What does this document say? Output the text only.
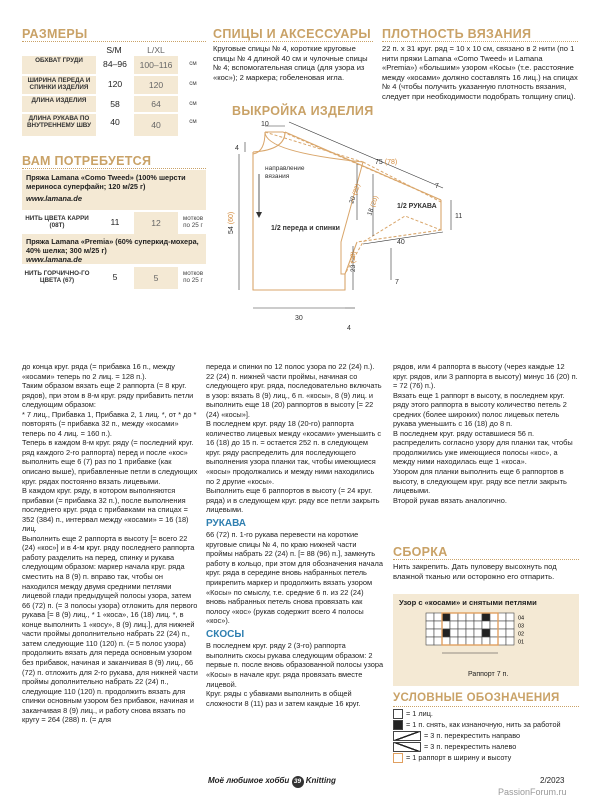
РАЗМЕРЫ
S/M	L/XL
ОБХВАТ ГРУДИ	84–96	100–116	см
ШИРИНА ПЕРЕДА И СПИНКИ ИЗДЕЛИЯ	120	120	см
ДЛИНА ИЗДЕЛИЯ	58	64	см
ДЛИНА РУКАВА ПО ВНУТРЕННЕМУ ШВУ	40	40	см
ВАМ ПОТРЕБУЕТСЯ
Пряжа Lamana «Como Tweed» (100% шерсти мериноса суперфайн; 120 м/25 г)
www.lamana.de
НИТЬ ЦВЕТА КАРРИ (08Т)	11	12	мотков по 25 г
Пряжа Lamana «Premia» (60% суперкид-мохера, 40% шелка; 300 м/25 г)
www.lamana.de
НИТЬ ГОРЧИЧНО-ГО ЦВЕТА (67)	5	5	мотков по 25 г
СПИЦЫ И АКСЕССУАРЫ
Круговые спицы № 4, короткие круговые спицы № 4 длиной 40 см и чулочные спицы № 4; вспомогательная спица (для узора из «кос»); 2 маркера; гобеленовая игла.
ПЛОТНОСТЬ ВЯЗАНИЯ
22 п. х 31 круг. ряд = 10 х 10 см, связано в 2 нити (по 1 нити пряжи Lamana «Como Tweed» и Lamana «Premia») «большим» узором «Косы» (т.е. расстояние между «косами» должно составлять 16 лиц.) на спицах № 4 (чтобы получить указанную плотность вязания, следует при необходимости подобрать толщину спиц).
ВЫКРОЙКА ИЗДЕЛИЯ
10
4
направление
вязания
75 (78)
20 (22)
18 (20)
54 (60)
1/2 переда и спинки
1/2 РУКАВА
40
11
7
23 (28)
7
30
4

до конца круг. ряда (= прибавка 16 п., между «косами» теперь по 2 лиц. = 128 п.).

Таким образом вязать еще 2 раппорта (= 8 круг. рядов), при этом в 8-м круг. ряду прибавить петли следующим образом:

* 7 лиц., Прибавка 1, Прибавка 2, 1 лиц. *, от * до * повторять (= прибавка 32 п., между «косами» теперь по 4 лиц. = 160 п.).

Теперь в каждом 8-м круг. ряду (= последний круг. ряд каждого 2-го раппорта) перед и после «кос» выполнить еще 6 (7) раз по 1 прибавке (как описано выше), прибавленные петли в следующих круг. рядах постоянно вязать лицевыми.

В каждом круг. ряду, в котором выполняются прибавки (= прибавка 32 п.), после выполнения последнего круг. ряда с прибавками на спицах = 352 (384) п., интервал между «косами» = 16 (18) лиц.

Выполнить еще 2 раппорта в высоту [= всего 22 (24) «кос»] и в 4-м круг. ряду последнего раппорта работу разделить на перед, спинку и рукава следующим образом: маркер начала круг. ряда сместить на 8 (9) п. вправо так, чтобы он находился между двумя средними петлями лицевой глади предыдущей полосы узора, затем 66 (72) п. (= 3 полосы узора) отложить для первого рукава [= 8 (9) лиц., * 1 «коса», 16 (18) лиц. *, в конце выполнить 1 «косу», 8 (9) лиц.], для нижней части проймы дополнительно набрать 22 (24) п., затем следующие 110 (120) п. (= 5 полос узора) продолжить вязать для переда основным узором без прибавок, начиная и заканчивая 8 (9) лиц., 66 (72) п. отложить для 2-го рукава, для нижней части проймы дополнительно набрать 22 (24) п., следующие 110 (120) п. продолжить вязать для спинки основным узором без прибавок, начиная и заканчивая 8 (9) лиц., и работу снова вязать по кругу = 264 (288) п. (= для

переда и спинки по 12 полос узора по 22 (24) п.).

22 (24) п. нижней части проймы, начиная со следующего круг. ряда, последовательно включать в узор: вязать 8 (9) лиц., 6 п. «косы», 8 (9) лиц. и выполнить еще 18 (20) раппортов в высоту [= 22 (24) «косы»].

В последнем круг. ряду 18 (20-го) раппорта количество лицевых между «косами» уменьшить с 16 (18) до 15 п. = остается 252 п. в следующем круг. ряду распределить для последующего выполнения узора планки так, чтобы имеющиеся «косы» продолжались и между ними находились по 2 другие «косы».

Выполнить еще 6 раппортов в высоту (= 24 круг. ряда) и в следующем круг. ряду все петли закрыть лицевыми.

РУКАВА

66 (72) п. 1-го рукава перевести на короткие круговые спицы № 4, по краю нижней части проймы набрать 22 (24) п. [= 88 (96) п.], замкнуть работу в кольцо, при этом для обозначения начала круг. ряда в середине вновь набранных петель прикрепить маркер и продолжить вязать узором «Косы» по смыслу, т.е. средние 6 п. из 22 (24) вновь набранных петель снова провязать как полосу «кос» (рукав содержит всего 4 полосы «кос»).

СКОСЫ

В последнем круг. ряду 2 (3-го) раппорта выполнить скосы рукава следующим образом: 2 первые п. после вновь образованной полосы узора «Косы» в начале круг. ряда провязать вместе лицевой.

Круг. ряды с убавками выполнить в общей сложности 8 (11) раз и затем каждые 16 круг.

рядов, или 4 раппорта в высоту (через каждые 12 круг. рядов, или 3 раппорта в высоту) минус 16 (20) п. = 72 (76) п.).

Вязать еще 1 раппорт в высоту, в последнем круг. ряду этого раппорта в высоту количество петель 2 средних (более широких) полос лицевых петель рукава уменьшить с 16 (18) до 8 п.

В последнем круг. ряду оставшиеся 56 п. распределить согласно узору для планки так, чтобы продолжились уже имеющиеся полосы «кос», а между ними находилась еще 1 «коса».

Узором для планки выполнить еще 6 раппортов в высоту, в следующем круг. ряду все петли закрыть лицевыми.

Второй рукав вязать аналогично.

СБОРКА
Нить закрепить. Дать пуловеру высохнуть под влажной тканью или осторожно его отпарить.
Узор с «косами» и снятыми петлями
04
03
02
01
Раппорт 7 п.
УСЛОВНЫЕ ОБОЗНАЧЕНИЯ
= 1 лиц.
= 1 п. снять, как изнаночную, нить за работой
= 3 п. перекрестить направо
= 3 п. перекрестить налево
= 1 раппорт в ширину и высоту
Моё любимое хобби 39 Knitting	2/2023
PassionForum.ru
